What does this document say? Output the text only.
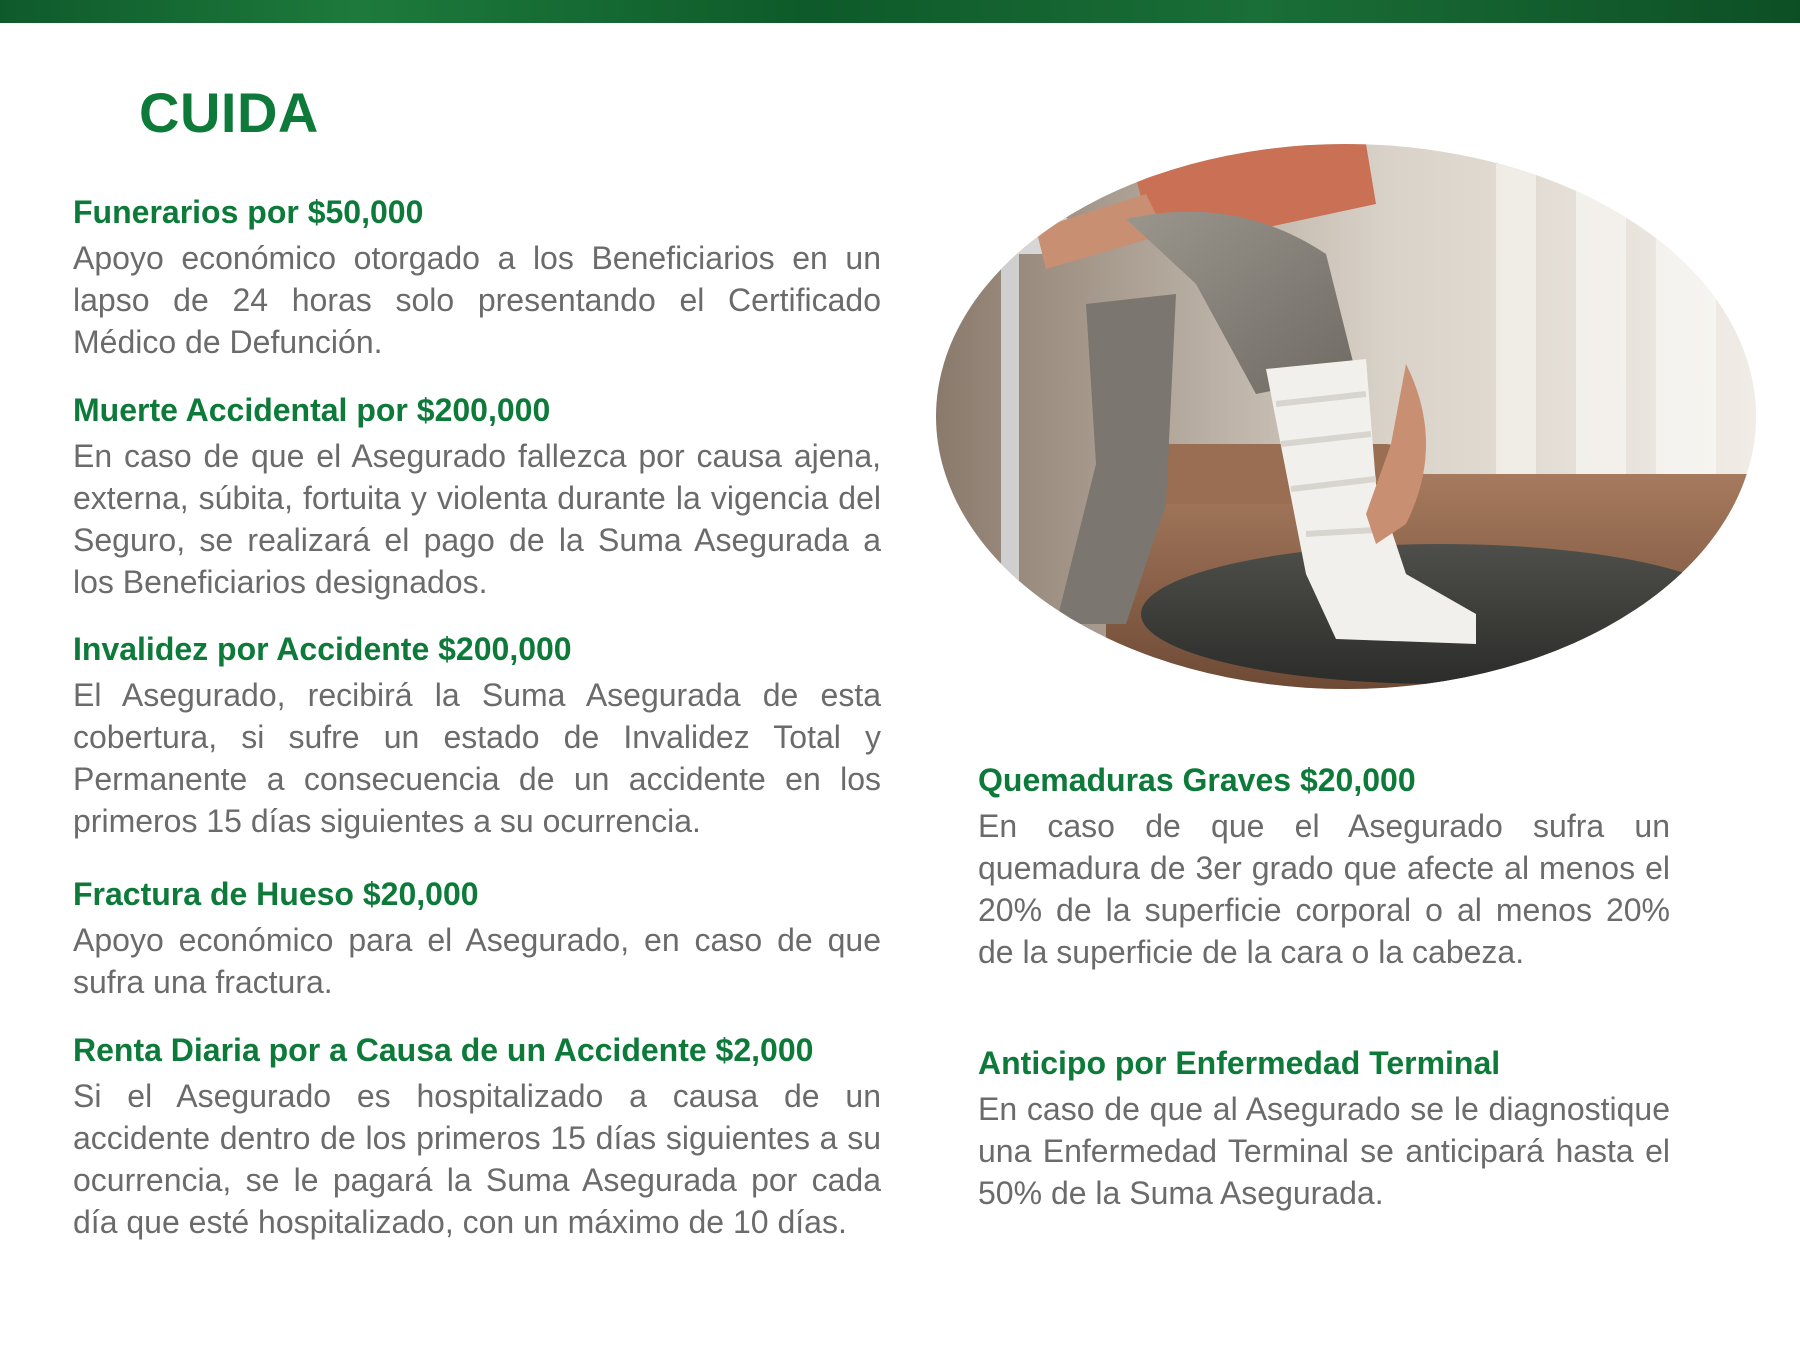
CUIDA
Funerarios por $50,000

Apoyo económico otorgado a los Beneficiarios en un lapso de 24 horas solo presentando el Certificado Médico de Defunción.

Muerte Accidental por $200,000

En caso de que el Asegurado fallezca por causa ajena, externa, súbita, fortuita y violenta durante la vigencia del Seguro, se realizará el pago de la Suma Asegurada a los Beneficiarios designados.

Invalidez por Accidente $200,000

El Asegurado, recibirá la Suma Asegurada de esta cobertura, si sufre un estado de Invalidez Total y Permanente a consecuencia de un accidente en los primeros 15 días siguientes a su ocurrencia.

Fractura de Hueso $20,000

Apoyo económico para el Asegurado, en caso de que sufra una fractura.

Renta Diaria por a Causa de un Accidente $2,000

Si el Asegurado es hospitalizado a causa de un accidente dentro de los primeros 15 días siguientes a su ocurrencia, se le pagará la Suma Asegurada por cada día que esté hospitalizado, con un máximo de 10 días.

Quemaduras Graves $20,000

En caso de que el Asegurado sufra un quemadura de 3er grado que afecte al menos el 20% de la superficie corporal o al menos 20% de la superficie de la cara o la cabeza.

Anticipo por Enfermedad Terminal

En caso de que al Asegurado se le diagnostique una Enfermedad Terminal se anticipará hasta el 50% de la Suma Asegurada.
